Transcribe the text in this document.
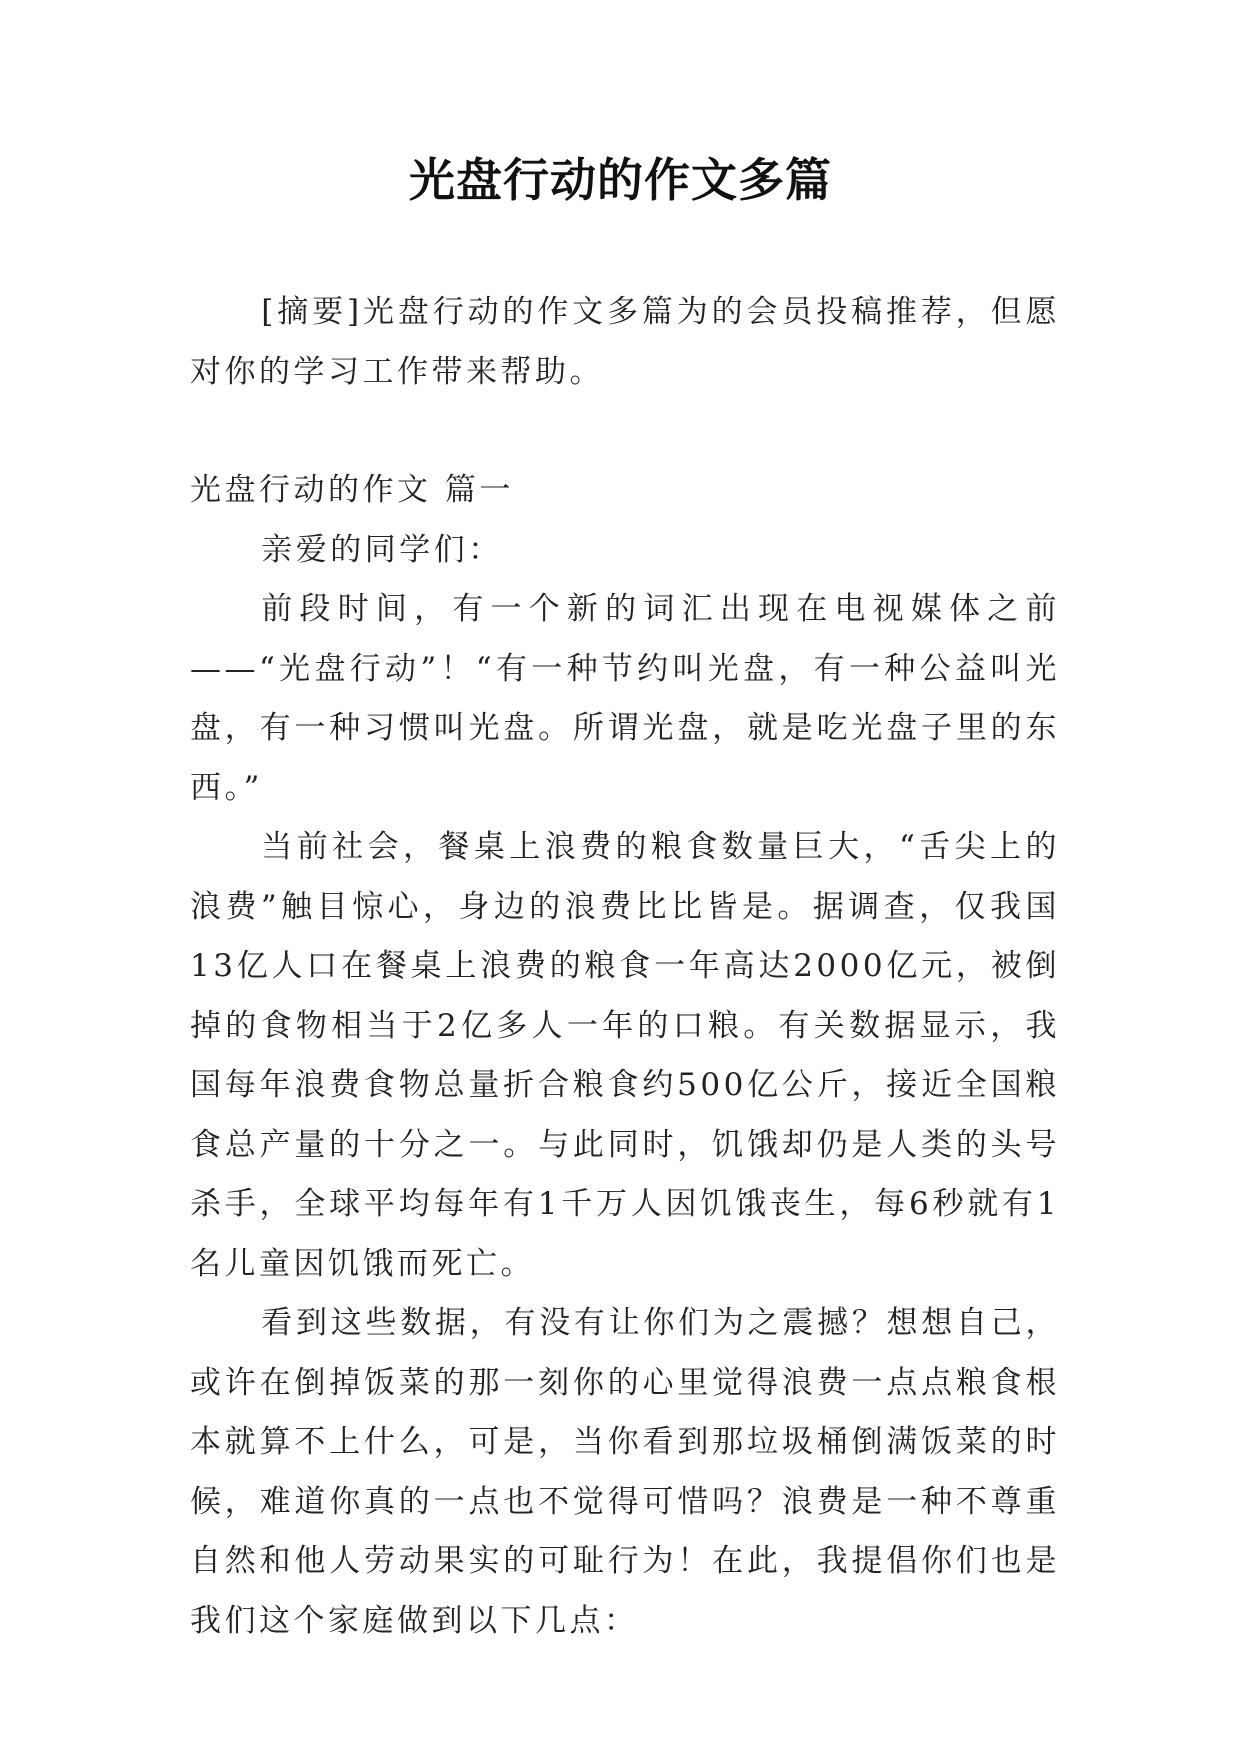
光盘行动的作文多篇

[摘要]光盘行动的作文多篇为的会员投稿推荐，但愿对你的学习工作带来帮助。

光盘行动的作文 篇一

亲爱的同学们：

前段时间，有一个新的词汇出现在电视媒体之前——“光盘行动”！“有一种节约叫光盘，有一种公益叫光盘，有一种习惯叫光盘。所谓光盘，就是吃光盘子里的东西。”

当前社会，餐桌上浪费的粮食数量巨大，“舌尖上的浪费”触目惊心，身边的浪费比比皆是。据调查，仅我国13亿人口在餐桌上浪费的粮食一年高达2000亿元，被倒掉的食物相当于2亿多人一年的口粮。有关数据显示，我国每年浪费食物总量折合粮食约500亿公斤，接近全国粮食总产量的十分之一。与此同时，饥饿却仍是人类的头号杀手，全球平均每年有1千万人因饥饿丧生，每6秒就有1名儿童因饥饿而死亡。

看到这些数据，有没有让你们为之震撼？想想自己，或许在倒掉饭菜的那一刻你的心里觉得浪费一点点粮食根本就算不上什么，可是，当你看到那垃圾桶倒满饭菜的时候，难道你真的一点也不觉得可惜吗？浪费是一种不尊重自然和他人劳动果实的可耻行为！在此，我提倡你们也是我们这个家庭做到以下几点：
